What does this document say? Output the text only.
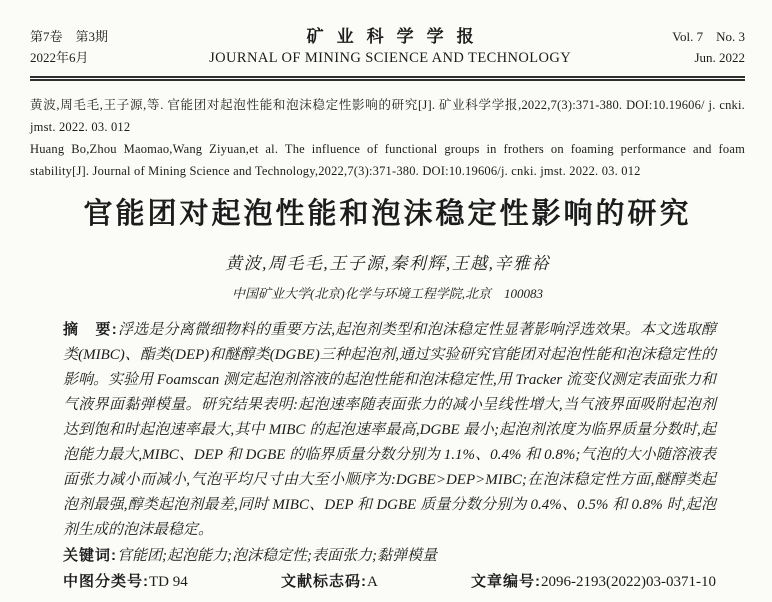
第7卷　第3期
2022年6月
矿业科学学报
JOURNAL OF MINING SCIENCE AND TECHNOLOGY
Vol. 7　No. 3
Jun. 2022

黄波,周毛毛,王子源,等. 官能团对起泡性能和泡沫稳定性影响的研究[J]. 矿业科学学报,2022,7(3):371-380. DOI:10.19606/ j. cnki. jmst. 2022. 03. 012

Huang Bo,Zhou Maomao,Wang Ziyuan,et al. The influence of functional groups in frothers on foaming performance and foam stability[J]. Journal of Mining Science and Technology,2022,7(3):371-380. DOI:10.19606/j. cnki. jmst. 2022. 03. 012

官能团对起泡性能和泡沫稳定性影响的研究
黄波,周毛毛,王子源,秦利辉,王越,辛雅裕
中国矿业大学(北京)化学与环境工程学院,北京　100083

摘　要:浮选是分离微细物料的重要方法,起泡剂类型和泡沫稳定性显著影响浮选效果。本文选取醇类(MIBC)、酯类(DEP)和醚醇类(DGBE)三种起泡剂,通过实验研究官能团对起泡性能和泡沫稳定性的影响。实验用 Foamscan 测定起泡剂溶液的起泡性能和泡沫稳定性,用 Tracker 流变仪测定表面张力和气液界面黏弹模量。研究结果表明:起泡速率随表面张力的减小呈线性增大,当气液界面吸附起泡剂达到饱和时起泡速率最大,其中 MIBC 的起泡速率最高,DGBE 最小;起泡剂浓度为临界质量分数时,起泡能力最大,MIBC、DEP 和 DGBE 的临界质量分数分别为 1.1%、0.4% 和 0.8%;气泡的大小随溶液表面张力减小而减小,气泡平均尺寸由大至小顺序为:DGBE>DEP>MIBC;在泡沫稳定性方面,醚醇类起泡剂最强,醇类起泡剂最差,同时 MIBC、DEP 和 DGBE 质量分数分别为 0.4%、0.5% 和 0.8% 时,起泡剂生成的泡沫最稳定。

关键词:官能团;起泡能力;泡沫稳定性;表面张力;黏弹模量

中图分类号:TD 94	文献标志码:A	文章编号:2096-2193(2022)03-0371-10
